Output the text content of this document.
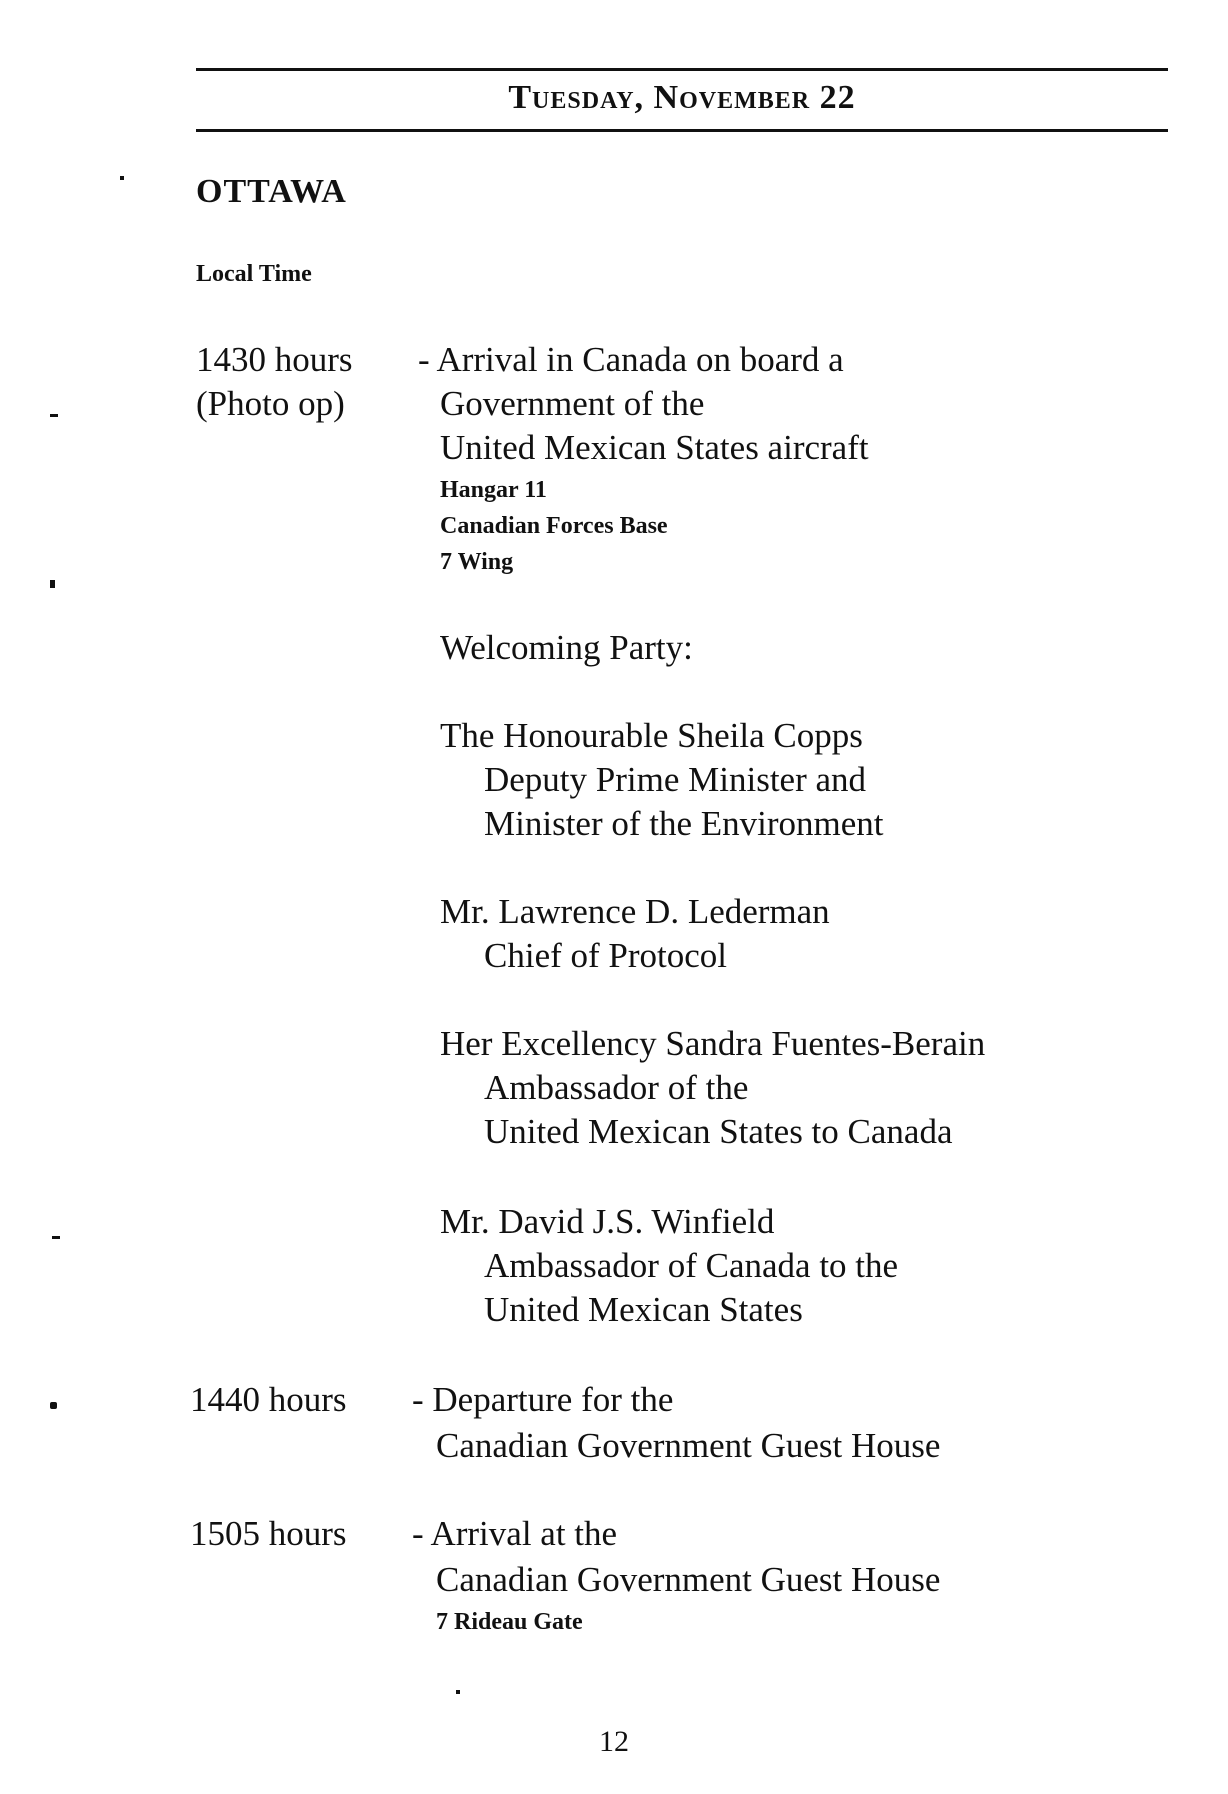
Tuesday, November 22
OTTAWA
Local Time
1430 hours
(Photo op)
- Arrival in Canada on board a
Government of the
United Mexican States aircraft
Hangar 11
Canadian Forces Base
7 Wing
Welcoming Party:
The Honourable Sheila Copps
Deputy Prime Minister and
Minister of the Environment
Mr. Lawrence D. Lederman
Chief of Protocol
Her Excellency Sandra Fuentes-Berain
Ambassador of the
United Mexican States to Canada
Mr. David J.S. Winfield
Ambassador of Canada to the
United Mexican States
1440 hours - Departure for the
Canadian Government Guest House
1505 hours - Arrival at the
Canadian Government Guest House
7 Rideau Gate
12
